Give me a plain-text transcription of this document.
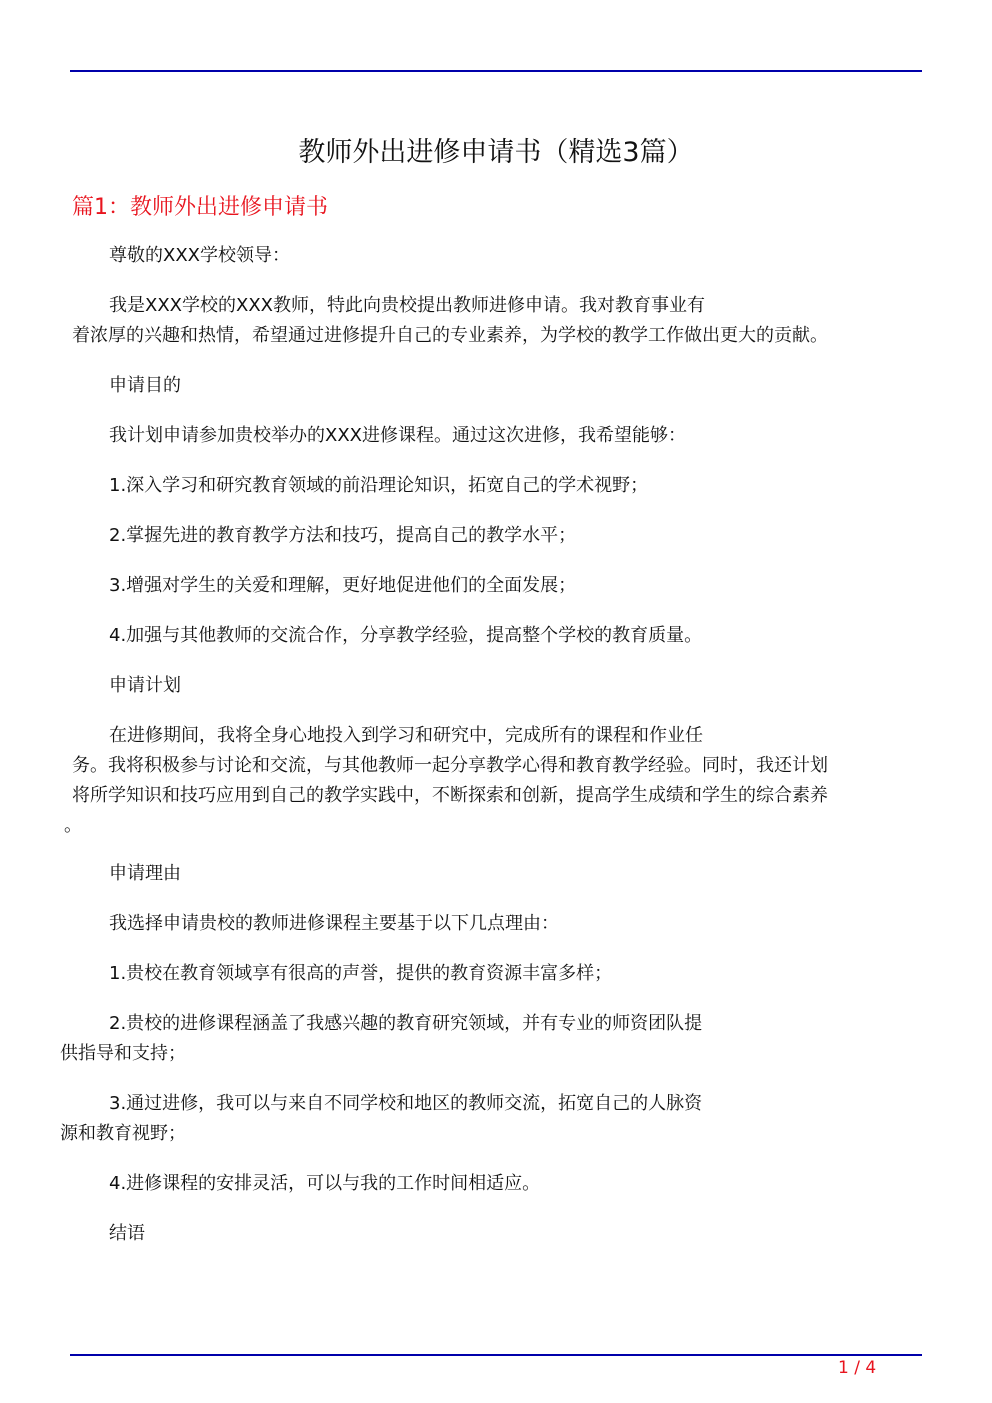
教师外出进修申请书（精选3篇）
篇1：教师外出进修申请书
尊敬的XXX学校领导：
我是XXX学校的XXX教师，特此向贵校提出教师进修申请。我对教育事业有
着浓厚的兴趣和热情，希望通过进修提升自己的专业素养，为学校的教学工作做出更大的贡献。
申请目的
我计划申请参加贵校举办的XXX进修课程。通过这次进修，我希望能够：
1.深入学习和研究教育领域的前沿理论知识，拓宽自己的学术视野；
2.掌握先进的教育教学方法和技巧，提高自己的教学水平；
3.增强对学生的关爱和理解，更好地促进他们的全面发展；
4.加强与其他教师的交流合作，分享教学经验，提高整个学校的教育质量。
申请计划
在进修期间，我将全身心地投入到学习和研究中，完成所有的课程和作业任
务。我将积极参与讨论和交流，与其他教师一起分享教学心得和教育教学经验。同时，我还计划
将所学知识和技巧应用到自己的教学实践中，不断探索和创新，提高学生成绩和学生的综合素养
。
申请理由
我选择申请贵校的教师进修课程主要基于以下几点理由：
1.贵校在教育领域享有很高的声誉，提供的教育资源丰富多样；
2.贵校的进修课程涵盖了我感兴趣的教育研究领域，并有专业的师资团队提
供指导和支持；
3.通过进修，我可以与来自不同学校和地区的教师交流，拓宽自己的人脉资
源和教育视野；
4.进修课程的安排灵活，可以与我的工作时间相适应。
结语
1 / 4
